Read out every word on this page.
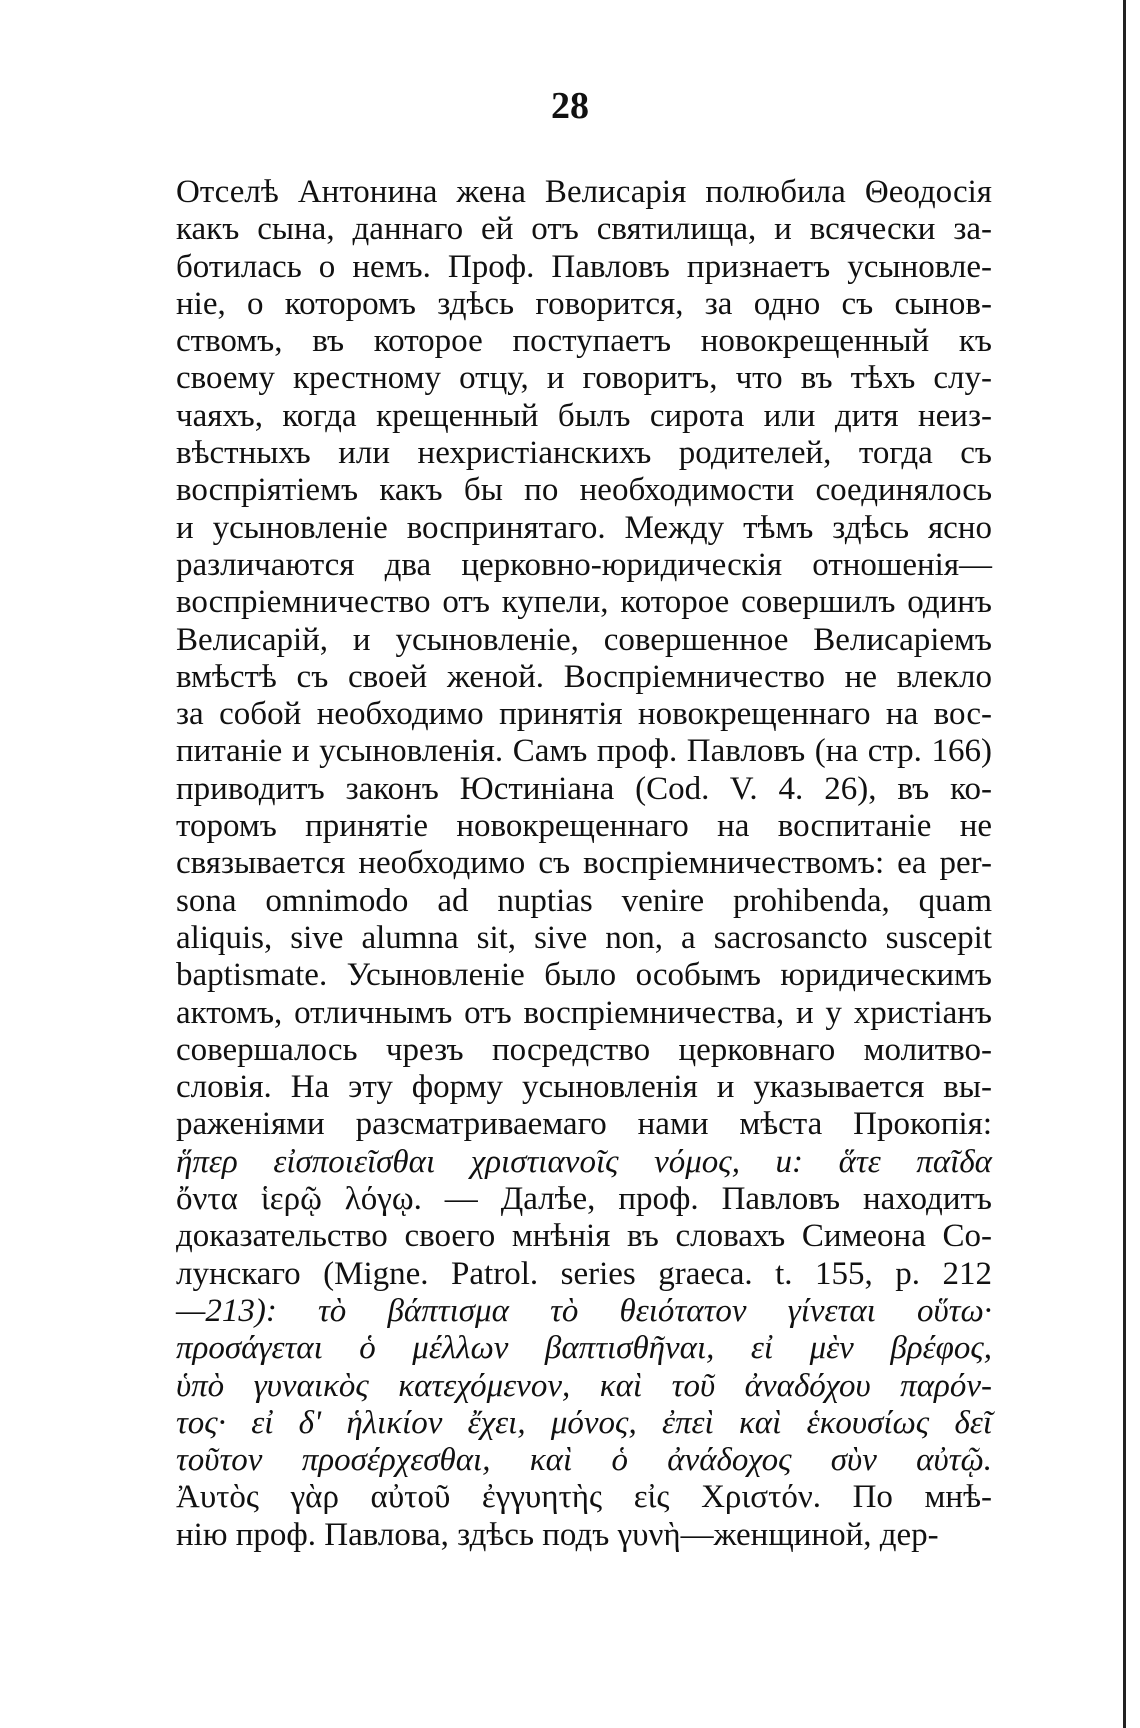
28
Отселѣ Антонина жена Велисарія полюбила Θеодосія
какъ сына, даннаго ей отъ святилища, и всячески за-
ботилась о немъ. Проф. Павловъ признаетъ усыновле-
ніе, о которомъ здѣсь говорится, за одно съ сынов-
ствомъ, въ которое поступаетъ новокрещенный къ
своему крестному отцу, и говоритъ, что въ тѣхъ слу-
чаяхъ, когда крещенный былъ сирота или дитя неиз-
вѣстныхъ или нехристіанскихъ родителей, тогда съ
воспріятіемъ какъ бы по необходимости соединялось
и усыновленіе воспринятаго. Между тѣмъ здѣсь ясно
различаются два церковно-юридическія отношенія—
воспріемничество отъ купели, которое совершилъ одинъ
Велисарій, и усыновленіе, совершенное Велисаріемъ
вмѣстѣ съ своей женой. Воспріемничество не влекло
за собой необходимо принятія новокрещеннаго на вос-
питаніе и усыновленія. Самъ проф. Павловъ (на стр. 166)
приводитъ законъ Юстиніана (Cod. V. 4. 26), въ ко-
торомъ принятіе новокрещеннаго на воспитаніе не
связывается необходимо съ воспріемничествомъ: ea per-
sona omnimodo ad nuptias venire prohibenda, quam
aliquis, sive alumna sit, sive non, a sacrosancto suscepit
baptismate. Усыновленіе было особымъ юридическимъ
актомъ, отличнымъ отъ воспріемничества, и у христіанъ
совершалось чрезъ посредство церковнаго молитво-
словія. На эту форму усыновленія и указывается вы-
раженіями разсматриваемаго нами мѣста Прокопія:
ἥπερ εἰσποιεῖσθαι χριστιανοῖς νόμος, и: ἅτε παῖδα
ὄντα ἱερῷ λόγῳ. — Далѣе, проф. Павловъ находитъ
доказательство своего мнѣнія въ словахъ Симеона Со-
лунскаго (Migne. Patrol. series graeca. t. 155, p. 212
—213): τὸ βάπτισμα τὸ θειότατον γίνεται οὕτω·
προσάγεται ὁ μέλλων βαπτισθῆναι, εἰ μὲν βρέφος,
ὑπὸ γυναικὸς κατεχόμενον, καὶ τοῦ ἀναδόχου παρόν-
τος· εἰ δ' ἡλικίον ἔχει, μόνος, ἐπεὶ καὶ ἑκουσίως δεῖ
τοῦτον προσέρχεσθαι, καὶ ὁ ἀνάδοχος σὺν αὐτῷ.
Ἀυτὸς γὰρ αὐτοῦ ἐγγυητὴς εἰς Χριστόν. По мнѣ-
нію проф. Павлова, здѣсь подъ γυνὴ—женщиной, дер-
